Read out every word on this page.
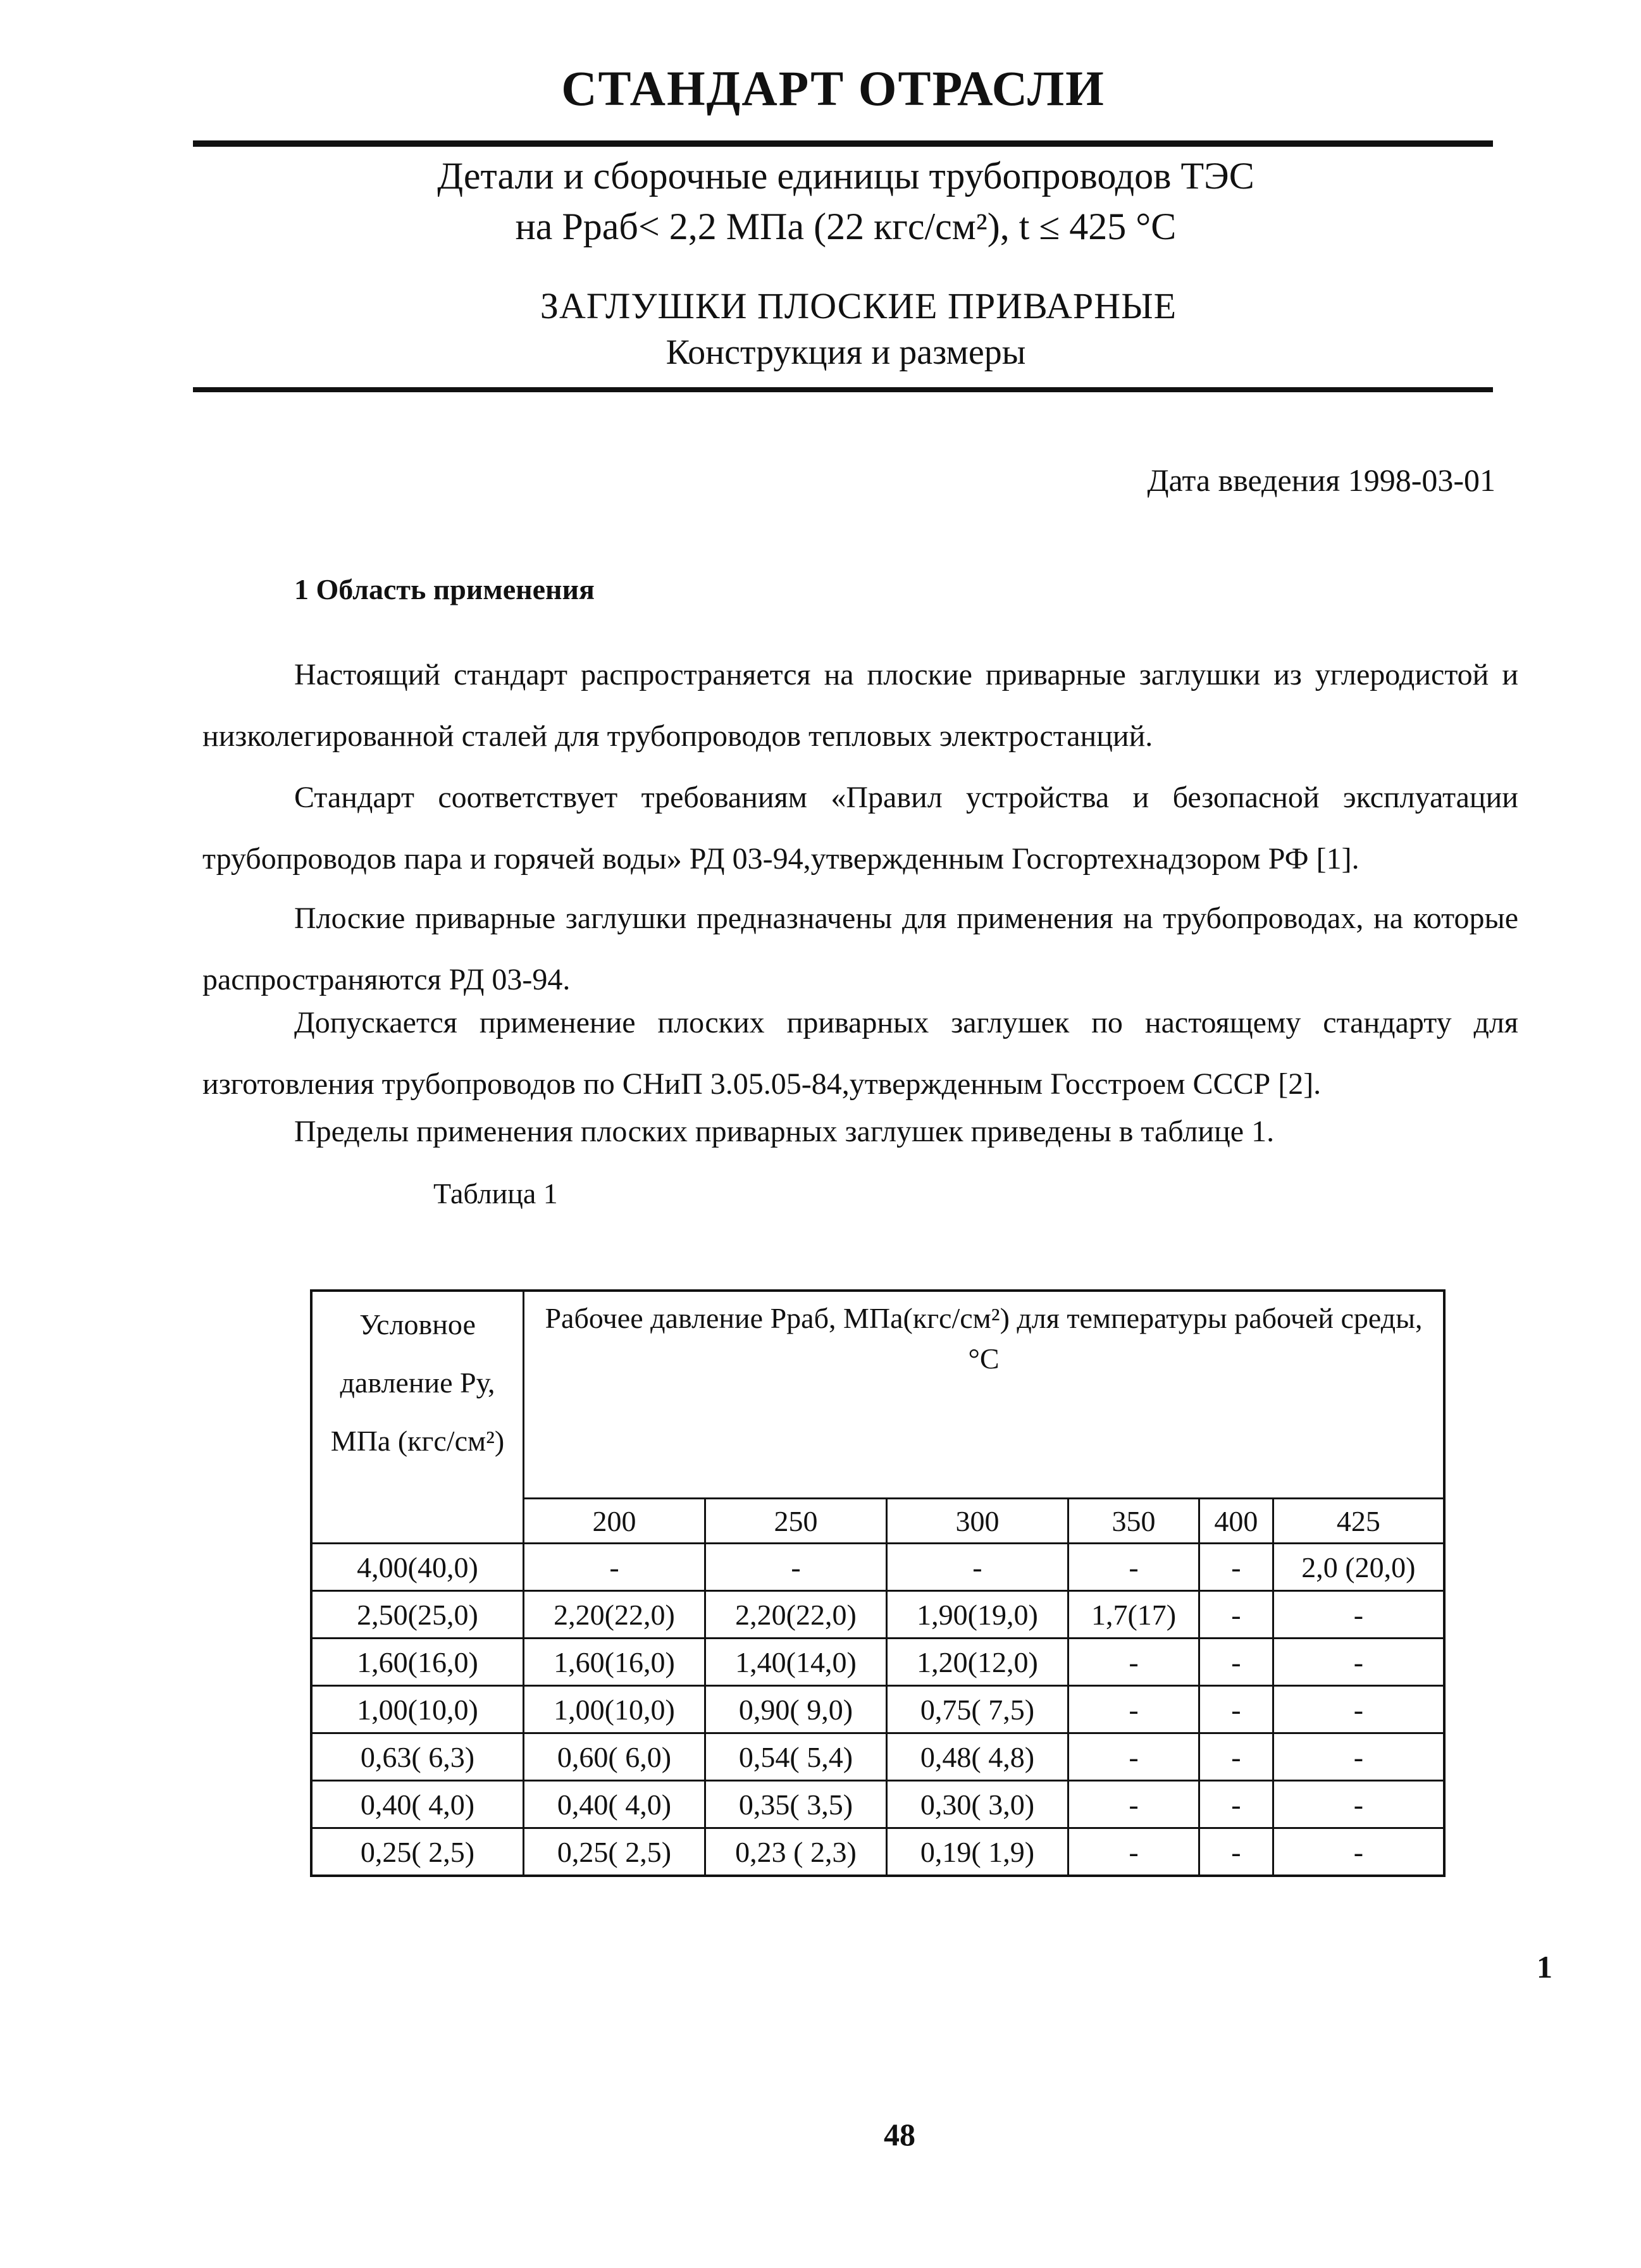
СТАНДАРТ ОТРАСЛИ
Детали и сборочные единицы трубопроводов ТЭС
на Рраб< 2,2 МПа (22 кгс/см²), t ≤ 425 °С
ЗАГЛУШКИ ПЛОСКИЕ ПРИВАРНЫЕ
Конструкция и размеры
Дата введения 1998-03-01
1 Область применения
Настоящий стандарт распространяется на плоские приварные заглушки из углеродистой и низколегированной сталей для трубопроводов тепловых электростанций.
Стандарт соответствует требованиям «Правил устройства и безопасной эксплуатации трубопроводов пара и горячей воды» РД 03-94,утвержденным Госгортехнадзором РФ [1].
Плоские приварные заглушки предназначены для применения на трубопроводах, на которые распространяются РД 03-94.
Допускается применение плоских приварных заглушек по настоящему стандарту для изготовления трубопроводов по СНиП 3.05.05-84,утвержденным Госстроем СССР [2].
Пределы применения плоских приварных заглушек приведены в таблице 1.
Таблица 1
Условное давление Ру, МПа (кгс/см²)	Рабочее давление Рраб, МПа(кгс/см²) для температуры рабочей среды, °С					
	200	250	300	350	400	425
4,00(40,0)	-	-	-	-	-	2,0 (20,0)
2,50(25,0)	2,20(22,0)	2,20(22,0)	1,90(19,0)	1,7(17)	-	-
1,60(16,0)	1,60(16,0)	1,40(14,0)	1,20(12,0)	-	-	-
1,00(10,0)	1,00(10,0)	0,90( 9,0)	0,75( 7,5)	-	-	-
0,63( 6,3)	0,60( 6,0)	0,54( 5,4)	0,48( 4,8)	-	-	-
0,40( 4,0)	0,40( 4,0)	0,35( 3,5)	0,30( 3,0)	-	-	-
0,25( 2,5)	0,25( 2,5)	0,23 ( 2,3)	0,19( 1,9)	-	-	-
1
48
